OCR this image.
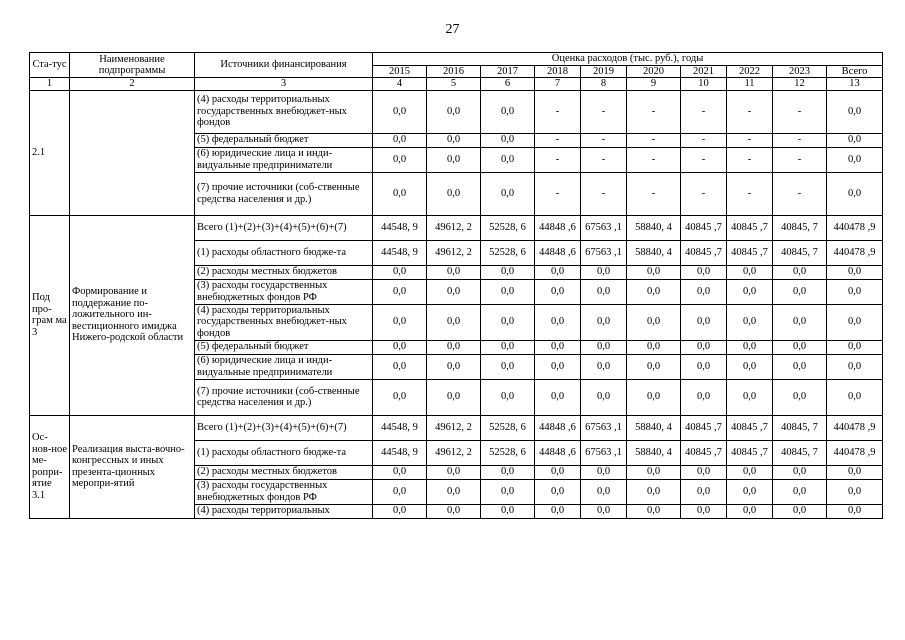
27
Ста-тус	Наименование подпрограммы	Источники финансирования	Оценка расходов (тыс. руб.), годы									
			2015	2016	2017	2018	2019	2020	2021	2022	2023	Всего
1	2	3	4	5	6	7	8	9	10	11	12	13
2.1		(4) расходы территориальных государственных внебюджет-ных фондов	0,0	0,0	0,0	-	-	-	-	-	-	0,0
		(5) федеральный бюджет	0,0	0,0	0,0	-	-	-	-	-	-	0,0
		(6) юридические лица и инди-видуальные предприниматели	0,0	0,0	0,0	-	-	-	-	-	-	0,0
		(7) прочие источники (соб-ственные средства населения и др.)	0,0	0,0	0,0	-	-	-	-	-	-	0,0
Под про-грам ма 3	Формирование и поддержание по-ложительного ин-вестиционного имиджа Нижего-родской области	Всего (1)+(2)+(3)+(4)+(5)+(6)+(7)	44548, 9	49612, 2	52528, 6	44848 ,6	67563 ,1	58840, 4	40845 ,7	40845 ,7	40845, 7	440478 ,9
		(1) расходы областного бюдже-та	44548, 9	49612, 2	52528, 6	44848 ,6	67563 ,1	58840, 4	40845 ,7	40845 ,7	40845, 7	440478 ,9
		(2) расходы местных бюджетов	0,0	0,0	0,0	0,0	0,0	0,0	0,0	0,0	0,0	0,0
		(3) расходы государственных внебюджетных фондов РФ	0,0	0,0	0,0	0,0	0,0	0,0	0,0	0,0	0,0	0,0
		(4) расходы территориальных государственных внебюджет-ных фондов	0,0	0,0	0,0	0,0	0,0	0,0	0,0	0,0	0,0	0,0
		(5) федеральный бюджет	0,0	0,0	0,0	0,0	0,0	0,0	0,0	0,0	0,0	0,0
		(6) юридические лица и инди-видуальные предприниматели	0,0	0,0	0,0	0,0	0,0	0,0	0,0	0,0	0,0	0,0
		(7) прочие источники (соб-ственные средства населения и др.)	0,0	0,0	0,0	0,0	0,0	0,0	0,0	0,0	0,0	0,0
Ос-нов-ное ме-ропри-ятие 3.1	Реализация выста-вочно-конгрессных и иных презента-ционных меропри-ятий	Всего (1)+(2)+(3)+(4)+(5)+(6)+(7)	44548, 9	49612, 2	52528, 6	44848 ,6	67563 ,1	58840, 4	40845 ,7	40845 ,7	40845, 7	440478 ,9
		(1) расходы областного бюдже-та	44548, 9	49612, 2	52528, 6	44848 ,6	67563 ,1	58840, 4	40845 ,7	40845 ,7	40845, 7	440478 ,9
		(2) расходы местных бюджетов	0,0	0,0	0,0	0,0	0,0	0,0	0,0	0,0	0,0	0,0
		(3) расходы государственных внебюджетных фондов РФ	0,0	0,0	0,0	0,0	0,0	0,0	0,0	0,0	0,0	0,0
		(4) расходы территориальных	0,0	0,0	0,0	0,0	0,0	0,0	0,0	0,0	0,0	0,0
